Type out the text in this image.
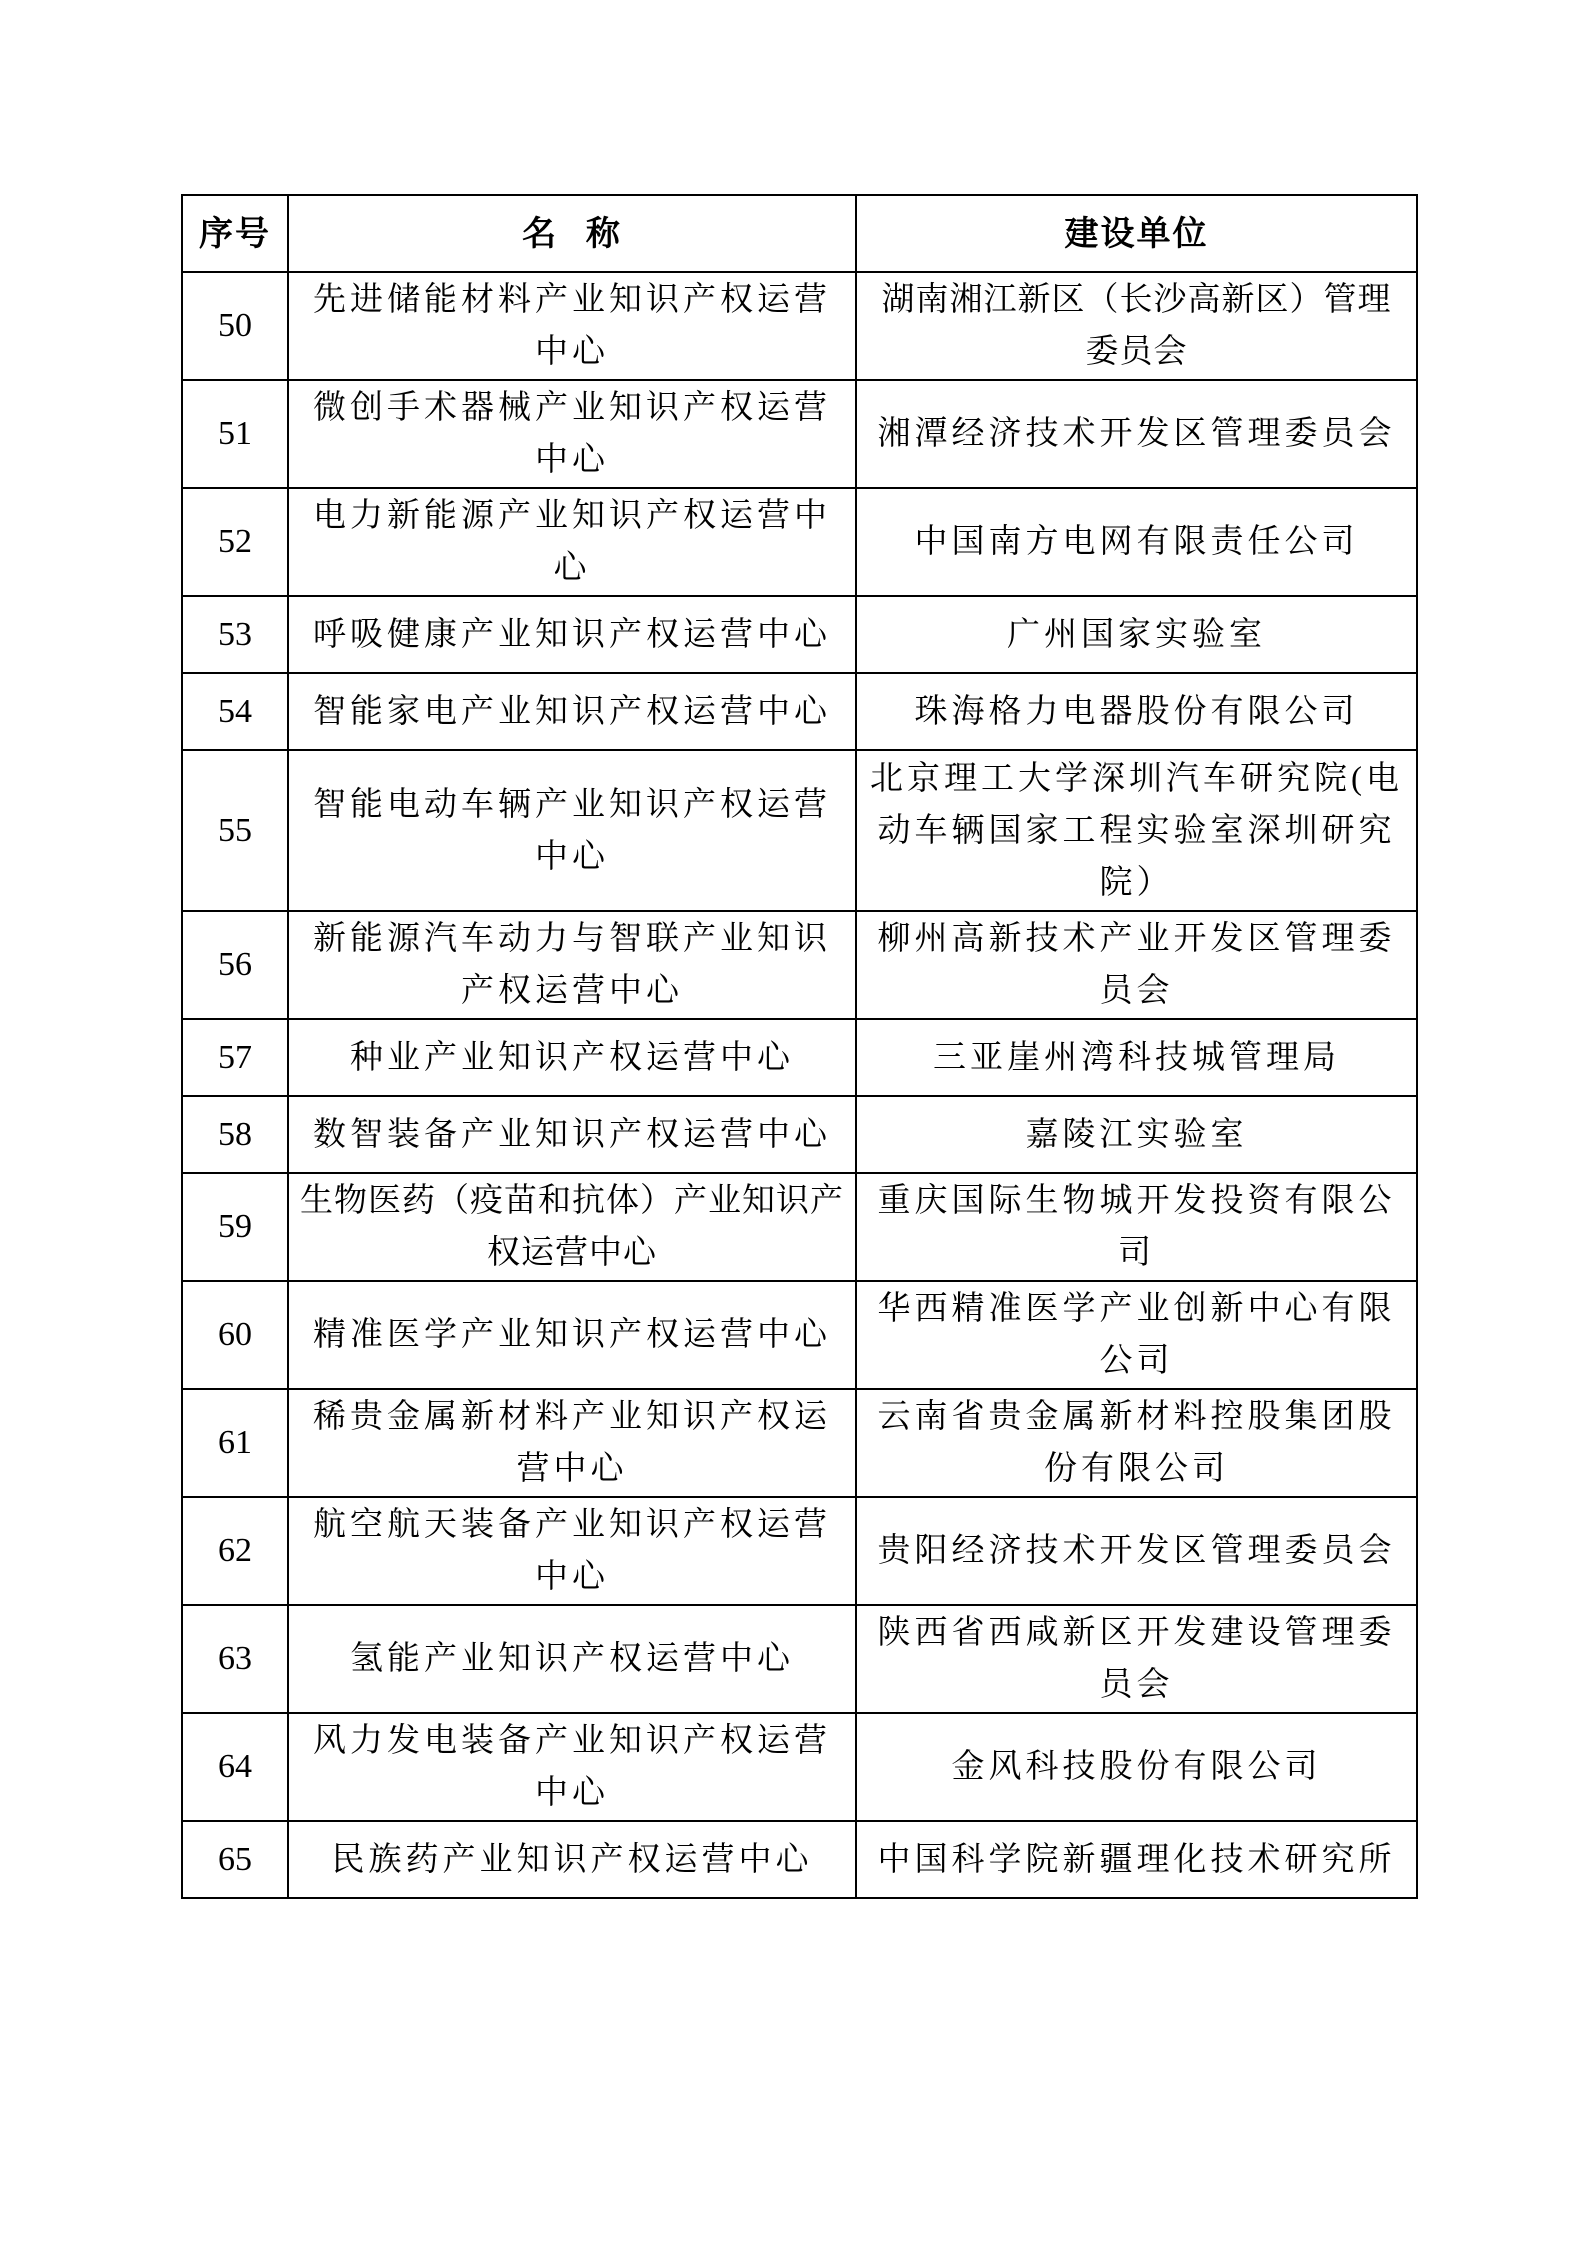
序号	名  称	建设单位
50	先进储能材料产业知识产权运营中心	湖南湘江新区（长沙高新区）管理委员会
51	微创手术器械产业知识产权运营中心	湘潭经济技术开发区管理委员会
52	电力新能源产业知识产权运营中心	中国南方电网有限责任公司
53	呼吸健康产业知识产权运营中心	广州国家实验室
54	智能家电产业知识产权运营中心	珠海格力电器股份有限公司
55	智能电动车辆产业知识产权运营中心	北京理工大学深圳汽车研究院(电动车辆国家工程实验室深圳研究院）
56	新能源汽车动力与智联产业知识产权运营中心	柳州高新技术产业开发区管理委员会
57	种业产业知识产权运营中心	三亚崖州湾科技城管理局
58	数智装备产业知识产权运营中心	嘉陵江实验室
59	生物医药（疫苗和抗体）产业知识产权运营中心	重庆国际生物城开发投资有限公司
60	精准医学产业知识产权运营中心	华西精准医学产业创新中心有限公司
61	稀贵金属新材料产业知识产权运营中心	云南省贵金属新材料控股集团股份有限公司
62	航空航天装备产业知识产权运营中心	贵阳经济技术开发区管理委员会
63	氢能产业知识产权运营中心	陕西省西咸新区开发建设管理委员会
64	风力发电装备产业知识产权运营中心	金风科技股份有限公司
65	民族药产业知识产权运营中心	中国科学院新疆理化技术研究所
